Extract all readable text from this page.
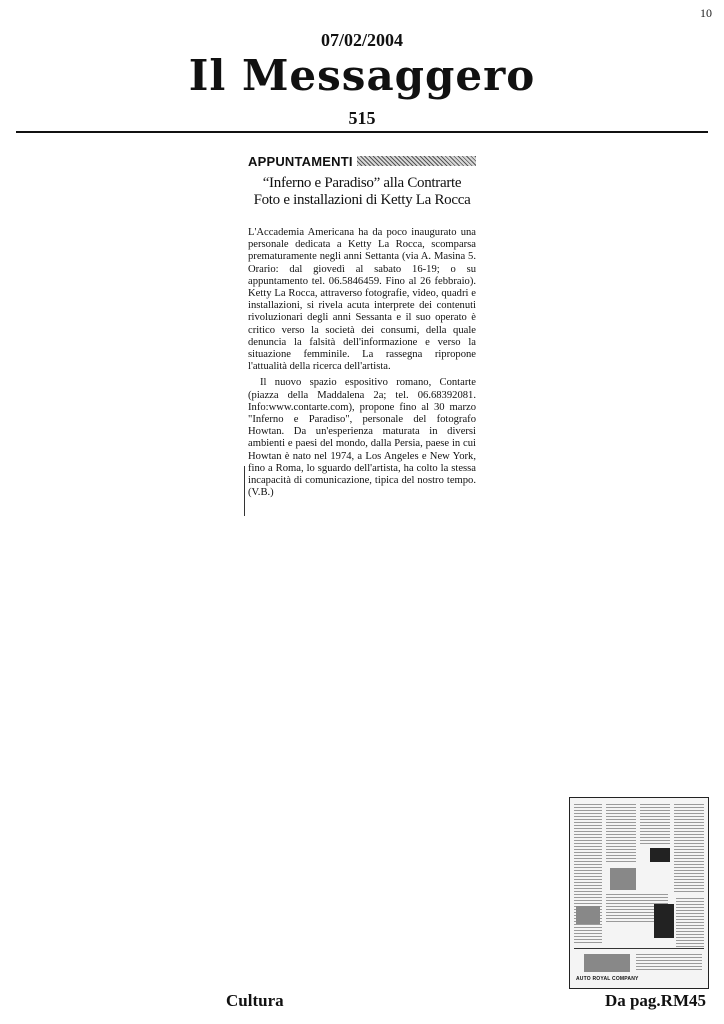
10
07/02/2004
Il Messaggero
515
APPUNTAMENTI
“Inferno e Paradiso” alla Contrarte
Foto e installazioni di Ketty La Rocca

L'Accademia Americana ha da poco inaugurato una personale dedicata a Ketty La Rocca, scomparsa prematuramente negli anni Settanta (via A. Masina 5. Orario: dal giovedì al sabato 16-19; o su appuntamento tel. 06.5846459. Fino al 26 febbraio). Ketty La Rocca, attraverso fotografie, video, quadri e installazioni, si rivela acuta interprete dei contenuti rivoluzionari degli anni Sessanta e il suo operato è critico verso la società dei consumi, della quale denuncia la falsità dell'informazione e verso la situazione femminile. La rassegna ripropone l'attualità della ricerca dell'artista.

Il nuovo spazio espositivo romano, Contarte (piazza della Maddalena 2a; tel. 06.68392081. Info:www.contarte.com), propone fino al 30 marzo "Inferno e Paradiso", personale del fotografo Howtan. Da un'esperienza maturata in diversi ambienti e paesi del mondo, dalla Persia, paese in cui Howtan è nato nel 1974, a Los Angeles e New York, fino a Roma, lo sguardo dell'artista, ha colto la stessa incapacità di comunicazione, tipica del nostro tempo. (V.B.)

AUTO ROYAL COMPANY
Cultura	Da pag.RM45
